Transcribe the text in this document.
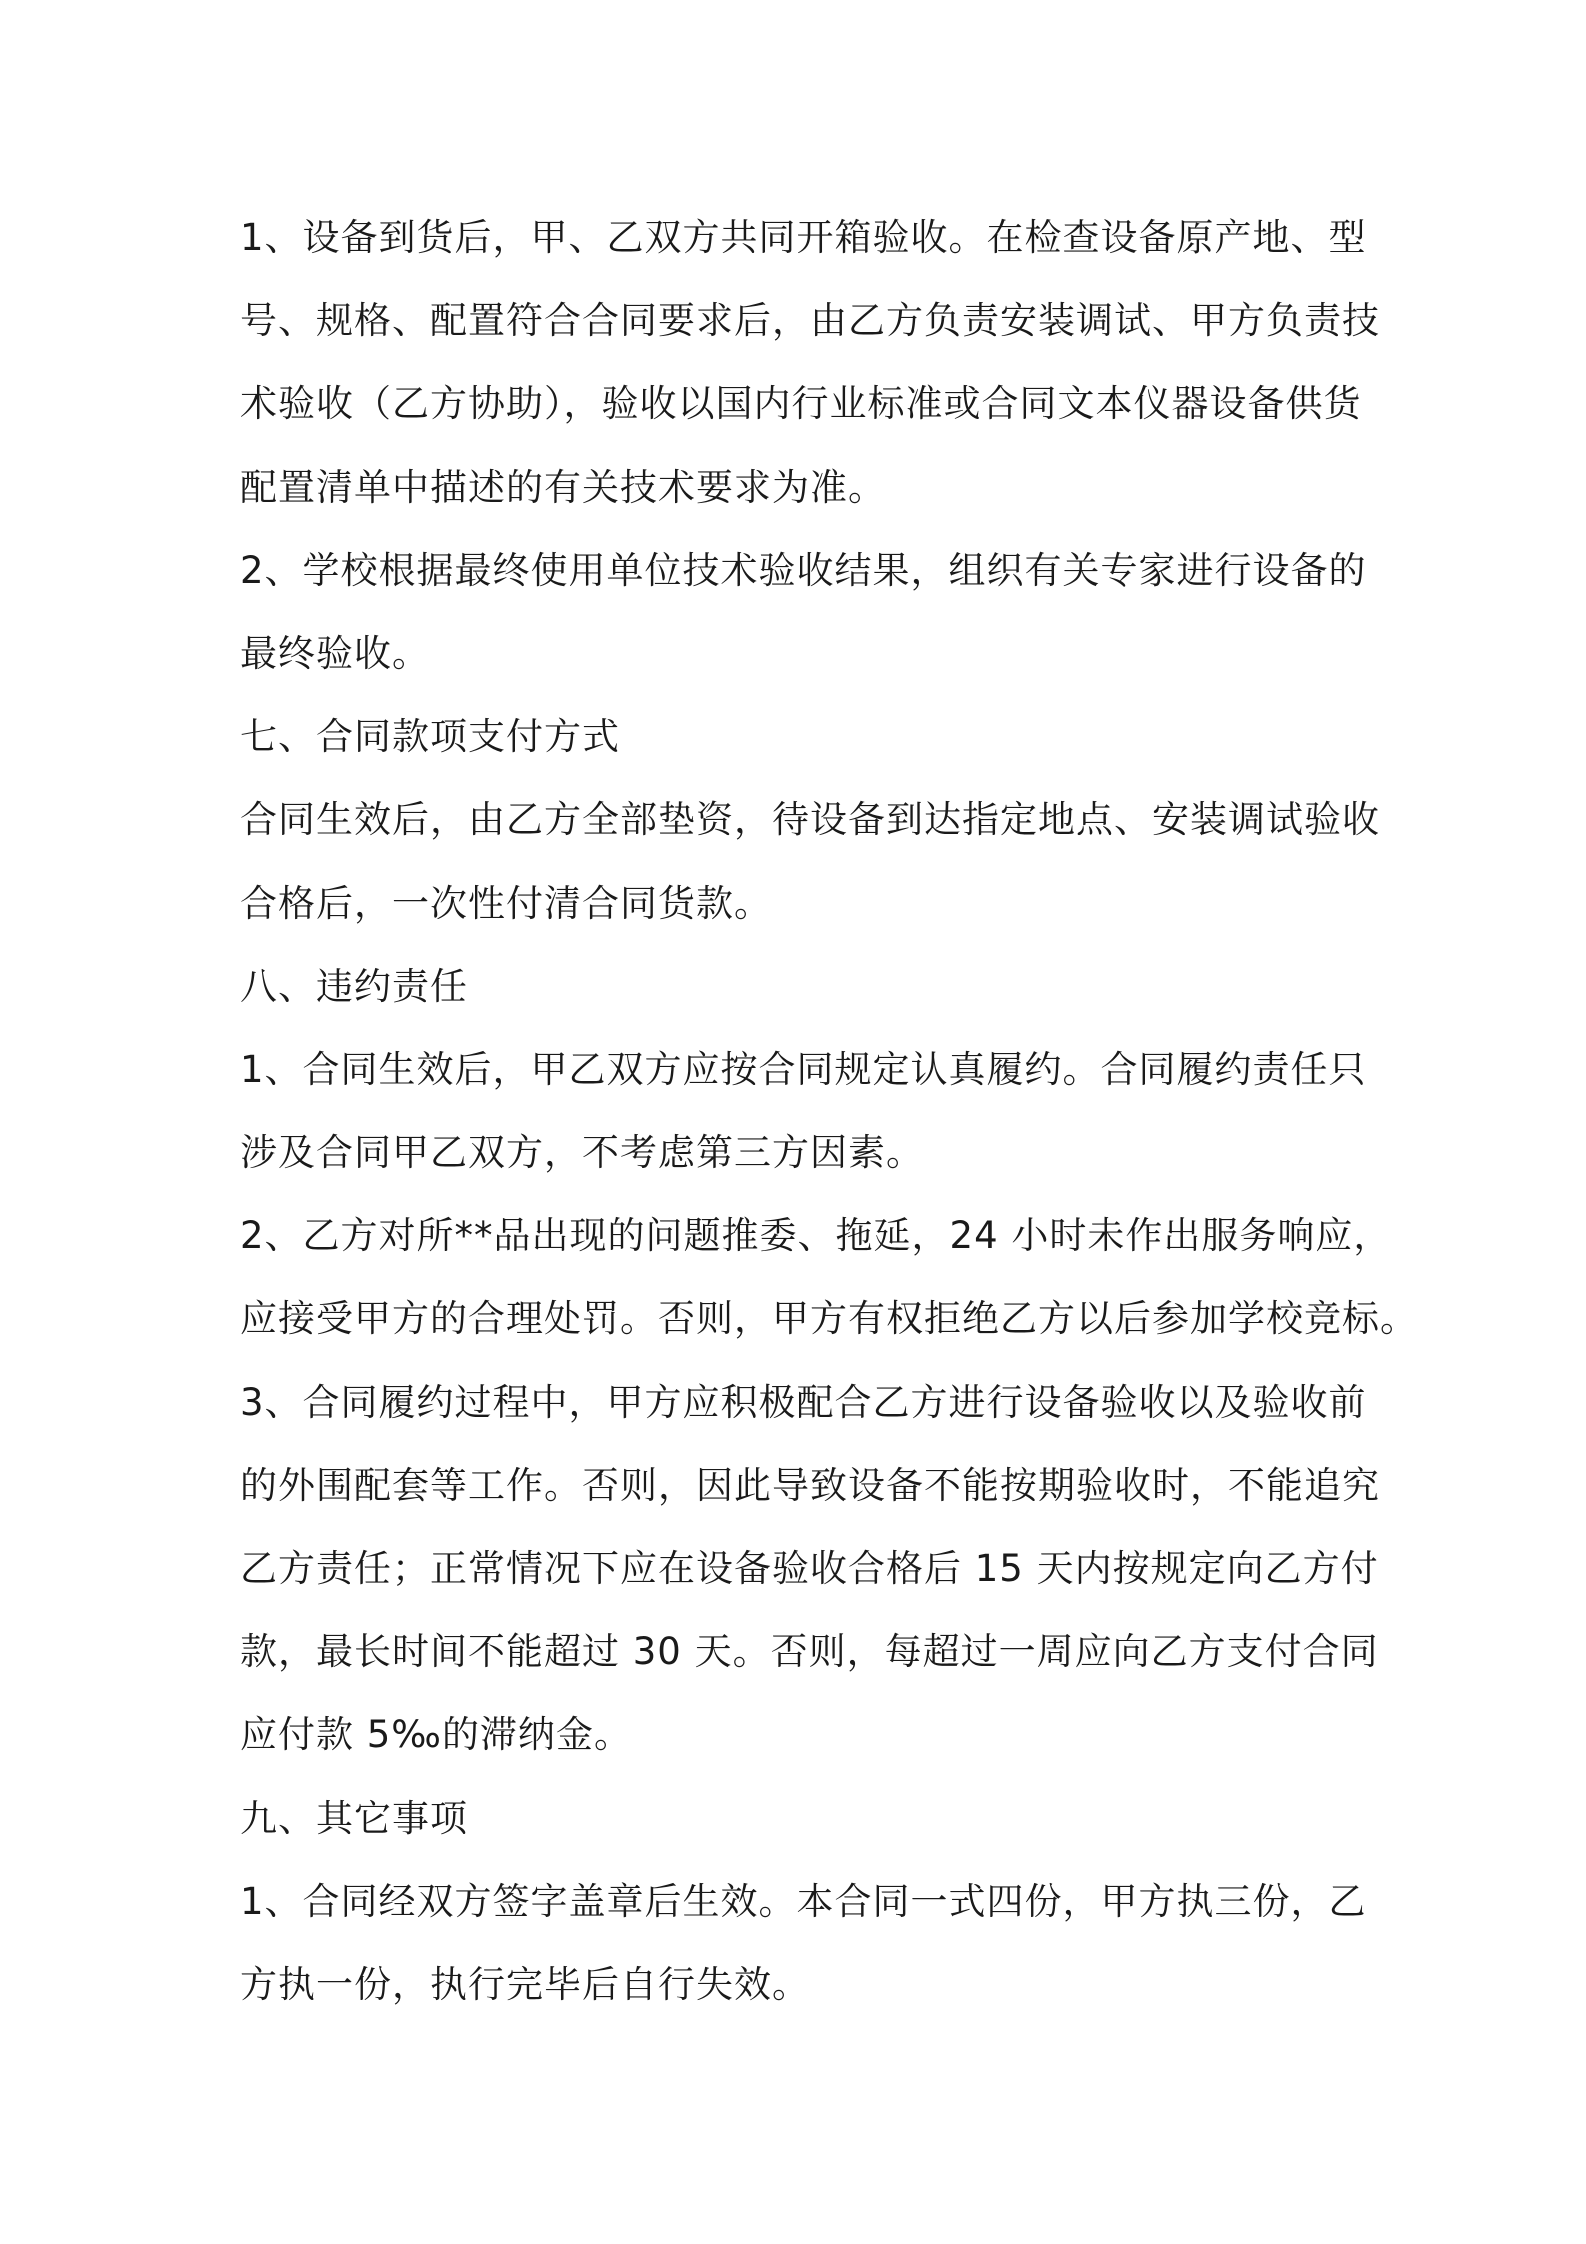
1、设备到货后，甲、乙双方共同开箱验收。在检查设备原产地、型
号、规格、配置符合合同要求后，由乙方负责安装调试、甲方负责技
术验收（乙方协助），验收以国内行业标准或合同文本仪器设备供货
配置清单中描述的有关技术要求为准。
2、学校根据最终使用单位技术验收结果，组织有关专家进行设备的
最终验收。
七、合同款项支付方式
合同生效后，由乙方全部垫资，待设备到达指定地点、安装调试验收
合格后，一次性付清合同货款。
八、违约责任
1、合同生效后，甲乙双方应按合同规定认真履约。合同履约责任只
涉及合同甲乙双方，不考虑第三方因素。
2、乙方对所**品出现的问题推委、拖延，24 小时未作出服务响应，
应接受甲方的合理处罚。否则，甲方有权拒绝乙方以后参加学校竞标。
3、合同履约过程中，甲方应积极配合乙方进行设备验收以及验收前
的外围配套等工作。否则，因此导致设备不能按期验收时，不能追究
乙方责任；正常情况下应在设备验收合格后 15 天内按规定向乙方付
款，最长时间不能超过 30 天。否则，每超过一周应向乙方支付合同
应付款 5‰的滞纳金。
九、其它事项
1、合同经双方签字盖章后生效。本合同一式四份，甲方执三份，乙
方执一份，执行完毕后自行失效。
